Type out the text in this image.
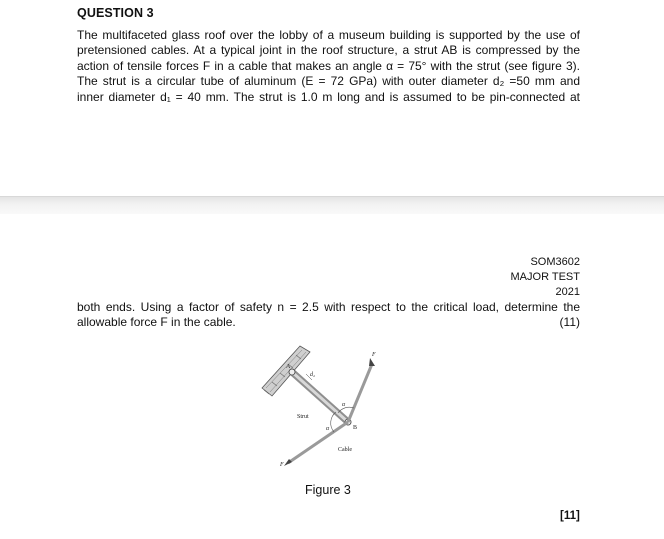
QUESTION 3
The multifaceted glass roof over the lobby of a museum building is supported by the use of
pretensioned cables. At a typical joint in the roof structure, a strut AB is compressed by the
action of tensile forces F in a cable that makes an angle α = 75° with the strut (see figure 3).
The strut is a circular tube of aluminum (E = 72 GPa) with outer diameter d₂ =50 mm and
inner diameter d₁ = 40 mm. The strut is 1.0 m long and is assumed to be pin-connected at
SOM3602
MAJOR TEST
2021
both ends. Using a factor of safety n = 2.5 with respect to the critical load, determine the
allowable force F in the cable.	(11)
A
d₂
B
Strut
Cable
α
α
F
F
Figure 3
[11]
